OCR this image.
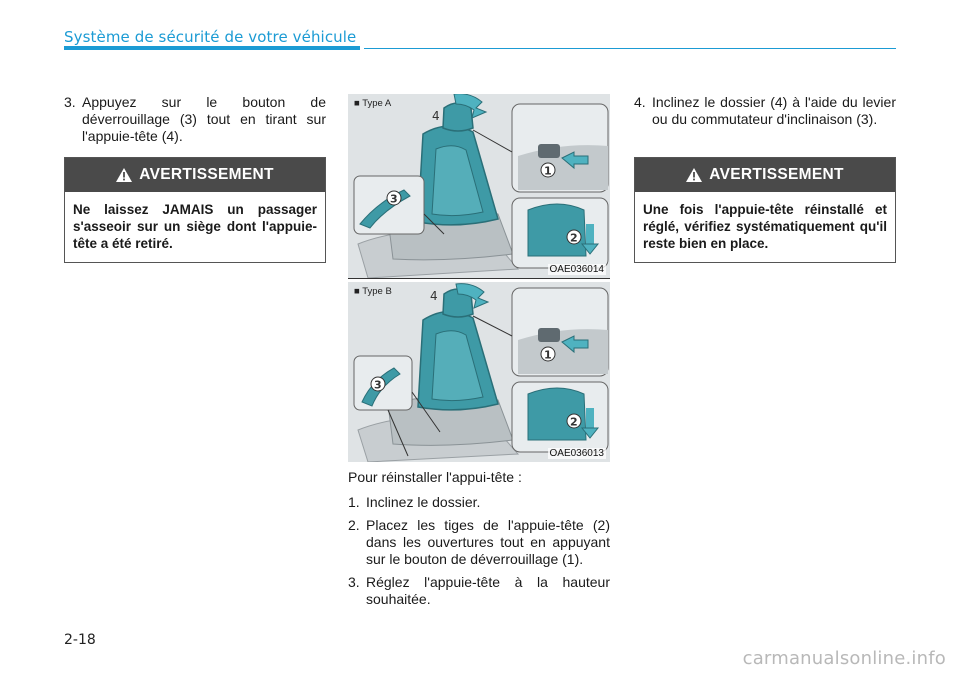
Système de sécurité de votre véhicule
3. Appuyez sur le bouton de déverrouillage (3) tout en tirant sur l'appuie-tête (4).
AVERTISSEMENT
Ne laissez JAMAIS un passager s'asseoir sur un siège dont l'appuie-tête a été retiré.
4
3
1
2
■ Type A
OAE036014
4
3
1
2
■ Type B
OAE036013

Pour réinstaller l'appui-tête :

1. Inclinez le dossier.
2. Placez les tiges de l'appuie-tête (2) dans les ouvertures tout en appuyant sur le bouton de déverrouillage (1).
3. Réglez l'appuie-tête à la hauteur souhaitée.
4. Inclinez le dossier (4) à l'aide du levier ou du commutateur d'inclinaison (3).
AVERTISSEMENT
Une fois l'appuie-tête réinstallé et réglé, vérifiez systématiquement qu'il reste bien en place.
2-18
carmanualsonline.info
